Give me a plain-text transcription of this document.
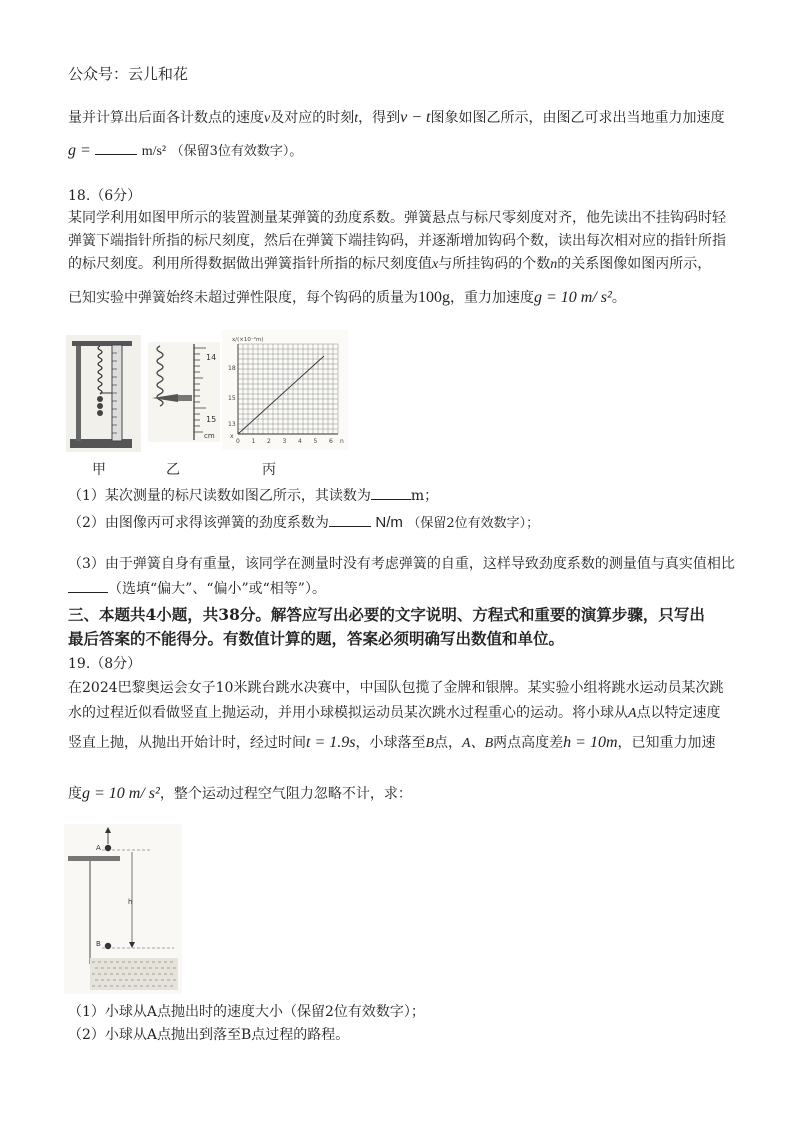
公众号：云儿和花
量并计算出后面各计数点的速度v及对应的时刻t，得到v − t图象如图乙所示，由图乙可求出当地重力加速度
g =	m/s² （保留3位有效数字）。
18.（6分）
某同学利用如图甲所示的装置测量某弹簧的劲度系数。弹簧悬点与标尺零刻度对齐，他先读出不挂钩码时轻
弹簧下端指针所指的标尺刻度，然后在弹簧下端挂钩码，并逐渐增加钩码个数，读出每次相对应的指针所指
的标尺刻度。利用所得数据做出弹簧指针所指的标尺刻度值x与所挂钩码的个数n的关系图像如图丙所示，
已知实验中弹簧始终未超过弹性限度，每个钩码的质量为100g，重力加速度g = 10 m/ s²。
14
15
cm
x/(×10⁻²m)
18
15
13
x
0 1 2 3 4 5 6 n
甲	乙	丙
（1）某次测量的标尺读数如图乙所示，其读数为	m；
（2）由图像丙可求得该弹簧的劲度系数为	N/m （保留2位有效数字）；
（3）由于弹簧自身有重量，该同学在测量时没有考虑弹簧的自重，这样导致劲度系数的测量值与真实值相比
（选填“偏大”、“偏小”或“相等”）。
三、本题共4小题，共38分。解答应写出必要的文字说明、方程式和重要的演算步骤，只写出
最后答案的不能得分。有数值计算的题，答案必须明确写出数值和单位。
19.（8分）
在2024巴黎奥运会女子10米跳台跳水决赛中，中国队包揽了金牌和银牌。某实验小组将跳水运动员某次跳
水的过程近似看做竖直上抛运动，并用小球模拟运动员某次跳水过程重心的运动。将小球从A点以特定速度
竖直上抛，从抛出开始计时，经过时间t = 1.9s，小球落至B点，A、B两点高度差h = 10m，已知重力加速
度g = 10 m/ s²，整个运动过程空气阻力忽略不计，求：
A
h
B
（1）小球从A点抛出时的速度大小（保留2位有效数字）；
（2）小球从A点抛出到落至B点过程的路程。
